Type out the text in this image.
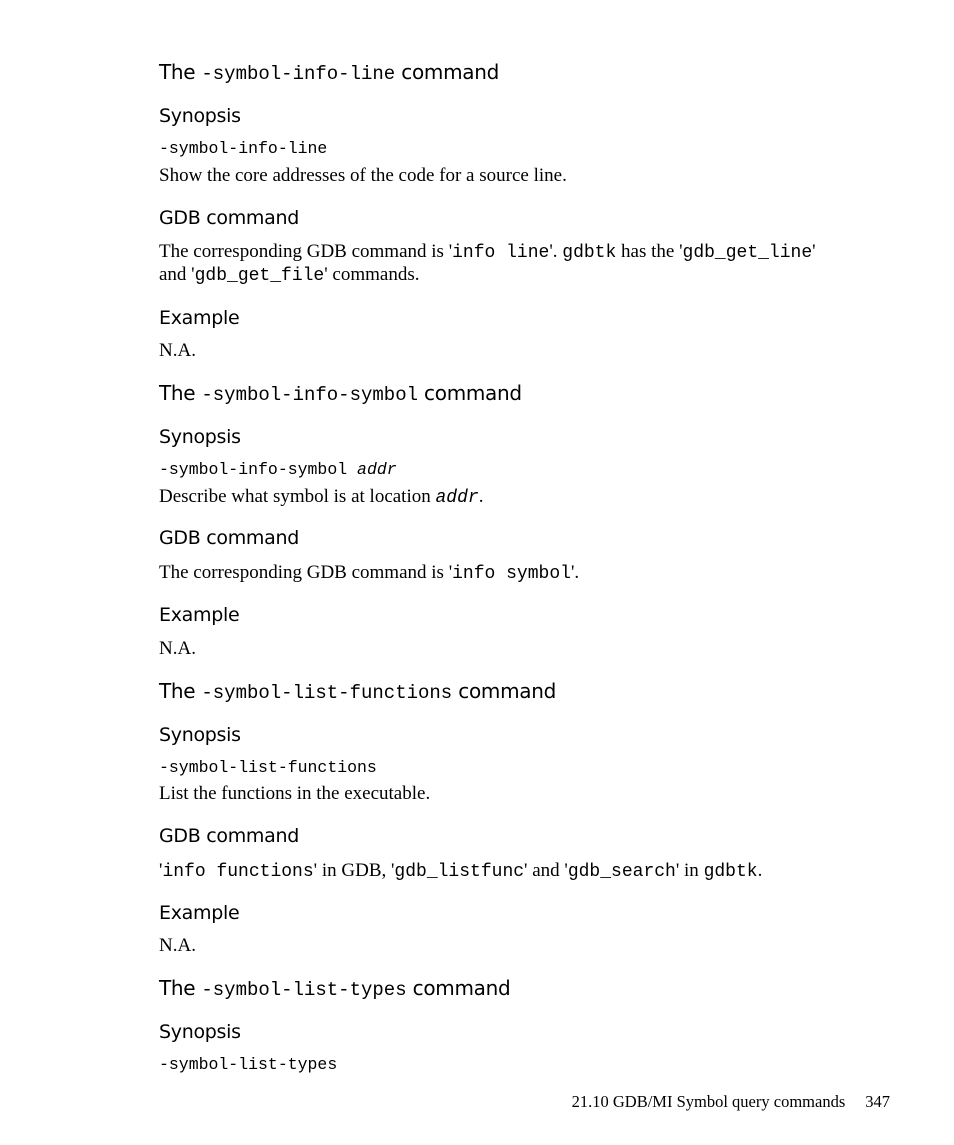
The -symbol-info-line command
Synopsis
-symbol-info-line
Show the core addresses of the code for a source line.
GDB command
The corresponding GDB command is 'info line'. gdbtk has the 'gdb_get_line'
and 'gdb_get_file' commands.
Example
N.A.
The -symbol-info-symbol command
Synopsis
-symbol-info-symbol addr
Describe what symbol is at location addr.
GDB command
The corresponding GDB command is 'info symbol'.
Example
N.A.
The -symbol-list-functions command
Synopsis
-symbol-list-functions
List the functions in the executable.
GDB command
'info functions' in GDB, 'gdb_listfunc' and 'gdb_search' in gdbtk.
Example
N.A.
The -symbol-list-types command
Synopsis
-symbol-list-types
21.10 GDB/MI Symbol query commands 347
